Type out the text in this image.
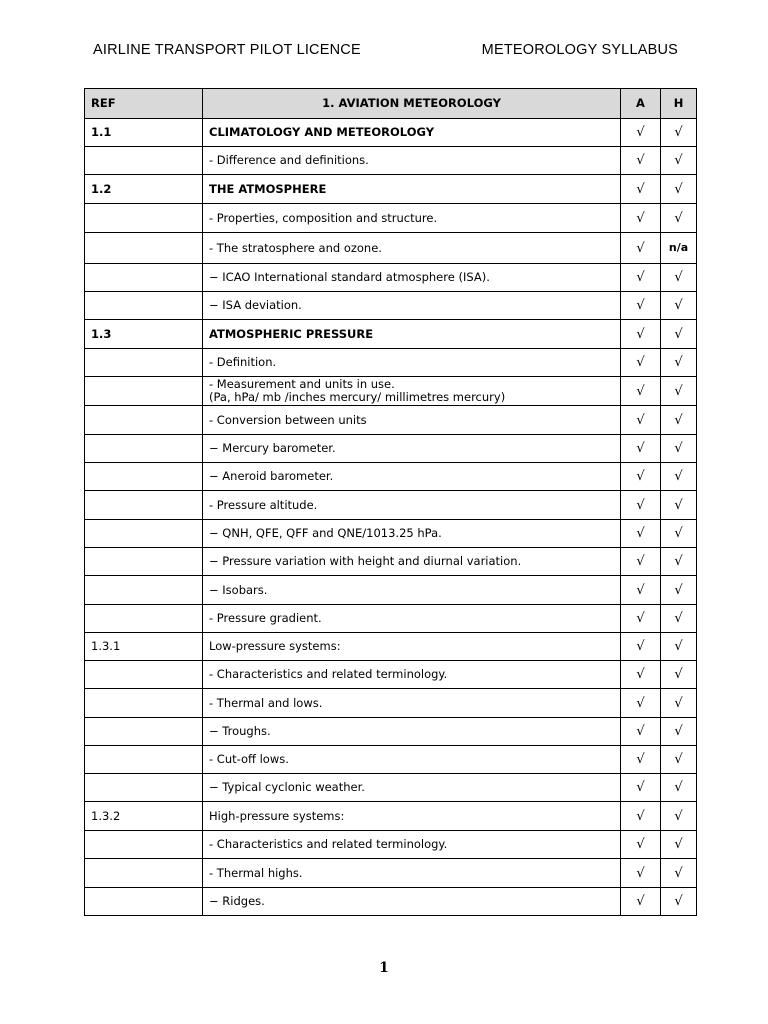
AIRLINE TRANSPORT PILOT LICENCE	METEOROLOGY SYLLABUS
REF	1. AVIATION METEOROLOGY	A	H
1.1	CLIMATOLOGY AND METEOROLOGY	√	√

	- Difference and definitions.	√	√
1.2	THE ATMOSPHERE	√	√

	- Properties, composition and structure.	√	√

	- The stratosphere and ozone.	√	n/a

	− ICAO International standard atmosphere (ISA).	√	√

	− ISA deviation.	√	√
1.3	ATMOSPHERIC PRESSURE	√	√

	- Definition.	√	√

	- Measurement and units in use.
(Pa, hPa/ mb /inches mercury/ millimetres mercury)	√	√

	- Conversion between units	√	√

	− Mercury barometer.	√	√

	− Aneroid barometer.	√	√

	- Pressure altitude.	√	√

	− QNH, QFE, QFF and QNE/1013.25 hPa.	√	√

	− Pressure variation with height and diurnal variation.	√	√

	− Isobars.	√	√

	- Pressure gradient.	√	√
1.3.1	Low-pressure systems:	√	√

	- Characteristics and related terminology.	√	√

	- Thermal and lows.	√	√

	− Troughs.	√	√

	- Cut-off lows.	√	√

	− Typical cyclonic weather.	√	√
1.3.2	High-pressure systems:	√	√

	- Characteristics and related terminology.	√	√

	- Thermal highs.	√	√

	− Ridges.	√	√
1
